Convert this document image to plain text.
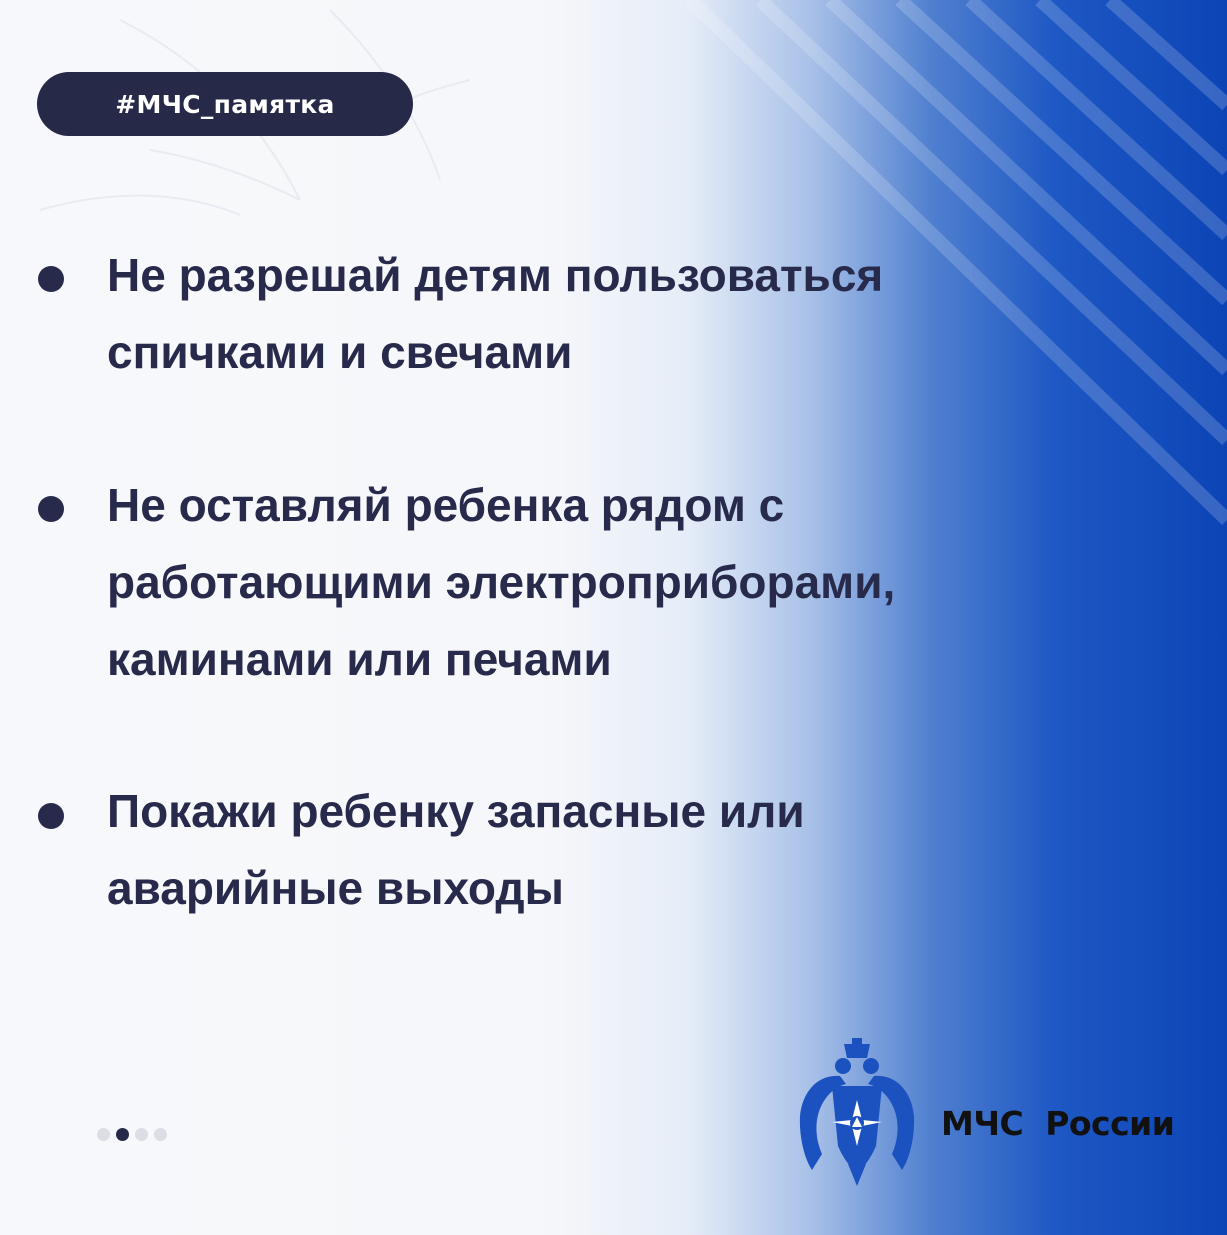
#МЧС_памятка
Не разрешай детям пользоваться спичками и свечами
Не оставляй ребенка рядом с работающими электроприборами, каминами или печами
Покажи ребенку запасные или аварийные выходы
МЧС  России
